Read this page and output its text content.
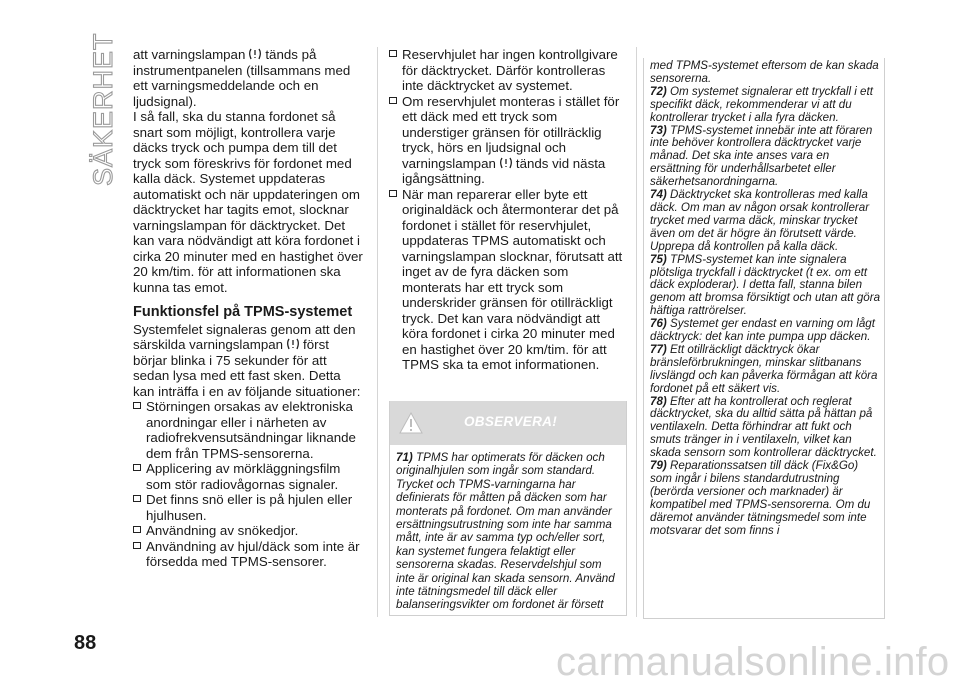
SÄKERHET
88

att varningslampan tänds på instrumentpanelen (tillsammans med ett varningsmeddelande och en ljudsignal).

I så fall, ska du stanna fordonet så snart som möjligt, kontrollera varje däcks tryck och pumpa dem till det tryck som föreskrivs för fordonet med kalla däck. Systemet uppdateras automatiskt och när uppdateringen om däcktrycket har tagits emot, slocknar varningslampan för däcktrycket. Det kan vara nödvändigt att köra fordonet i cirka 20 minuter med en hastighet över 20 km/tim. för att informationen ska kunna tas emot.

Funktionsfel på TPMS-systemet

Systemfelet signaleras genom att den särskilda varningslampan först börjar blinka i 75 sekunder för att sedan lysa med ett fast sken. Detta kan inträffa i en av följande situationer:

Störningen orsakas av elektroniska anordningar eller i närheten av radiofrekvensutsändningar liknande dem från TPMS-sensorerna.
Applicering av mörkläggningsfilm som stör radiovågornas signaler.
Det finns snö eller is på hjulen eller hjulhusen.
Användning av snökedjor.
Användning av hjul/däck som inte är försedda med TPMS-sensorer.
Reservhjulet har ingen kontrollgivare för däcktrycket. Därför kontrolleras inte däcktrycket av systemet.
Om reservhjulet monteras i stället för ett däck med ett tryck som understiger gränsen för otillräcklig tryck, hörs en ljudsignal och varningslampan tänds vid nästa igångsättning.
När man reparerar eller byte ett originaldäck och återmonterar det på fordonet i stället för reservhjulet, uppdateras TPMS automatiskt och varningslampan slocknar, förutsatt att inget av de fyra däcken som monterats har ett tryck som underskrider gränsen för otillräckligt tryck. Det kan vara nödvändigt att köra fordonet i cirka 20 minuter med en hastighet över 20 km/tim. för att TPMS ska ta emot informationen.
OBSERVERA!
71) TPMS har optimerats för däcken och originalhjulen som ingår som standard. Trycket och TPMS-varningarna har definierats för måtten på däcken som har monterats på fordonet. Om man använder ersättningsutrustning som inte har samma mått, inte är av samma typ och/eller sort, kan systemet fungera felaktigt eller sensorerna skadas. Reservdelshjul som inte är original kan skada sensorn. Använd inte tätningsmedel till däck eller balanseringsvikter om fordonet är försett

med TPMS-systemet eftersom de kan skada sensorerna.

72) Om systemet signalerar ett tryckfall i ett specifikt däck, rekommenderar vi att du kontrollerar trycket i alla fyra däcken.

73) TPMS-systemet innebär inte att föraren inte behöver kontrollera däcktrycket varje månad. Det ska inte anses vara en ersättning för underhållsarbetet eller säkerhetsanordningarna.

74) Däcktrycket ska kontrolleras med kalla däck. Om man av någon orsak kontrollerar trycket med varma däck, minskar trycket även om det är högre än förutsett värde. Upprepa då kontrollen på kalla däck.

75) TPMS-systemet kan inte signalera plötsliga tryckfall i däcktrycket (t ex. om ett däck exploderar). I detta fall, stanna bilen genom att bromsa försiktigt och utan att göra häftiga rattrörelser.

76) Systemet ger endast en varning om lågt däcktryck: det kan inte pumpa upp däcken.

77) Ett otillräckligt däcktryck ökar bränsleförbrukningen, minskar slitbanans livslängd och kan påverka förmågan att köra fordonet på ett säkert vis.

78) Efter att ha kontrollerat och reglerat däcktrycket, ska du alltid sätta på hättan på ventilaxeln. Detta förhindrar att fukt och smuts tränger in i ventilaxeln, vilket kan skada sensorn som kontrollerar däcktrycket.

79) Reparationssatsen till däck (Fix&Go) som ingår i bilens standardutrustning (berörda versioner och marknader) är kompatibel med TPMS-sensorerna. Om du däremot använder tätningsmedel som inte motsvarar det som finns i

carmanualsonline.info
